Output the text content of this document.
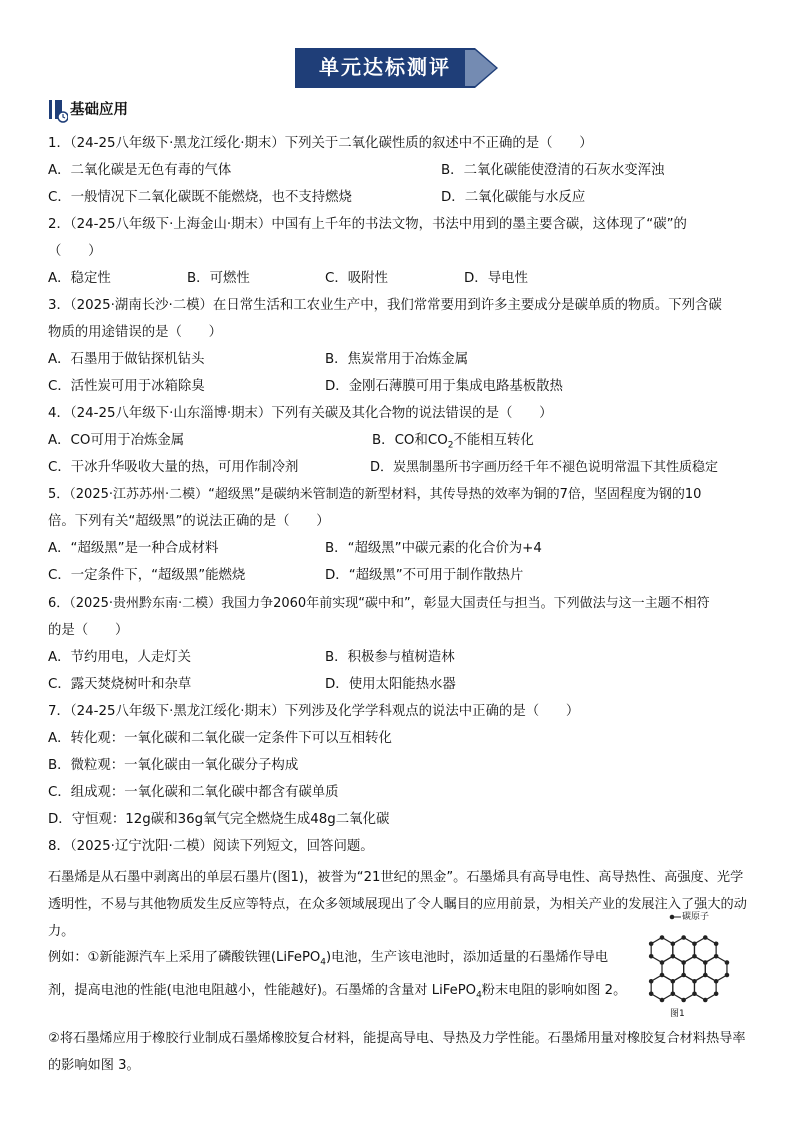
单元达标测评
基础应用
1．（24-25八年级下·黑龙江绥化·期末）下列关于二氧化碳性质的叙述中不正确的是（　　）
A．二氧化碳是无色有毒的气体	B．二氧化碳能使澄清的石灰水变浑浊
C．一般情况下二氧化碳既不能燃烧，也不支持燃烧	D．二氧化碳能与水反应
2．（24-25八年级下·上海金山·期末）中国有上千年的书法文物，书法中用到的墨主要含碳，这体现了“碳”的
（　　）
A．稳定性	B．可燃性	C．吸附性	D．导电性
3．（2025·湖南长沙·二模）在日常生活和工农业生产中，我们常常要用到许多主要成分是碳单质的物质。下列含碳
物质的用途错误的是（　　）
A．石墨用于做钻探机钻头	B．焦炭常用于冶炼金属
C．活性炭可用于冰箱除臭	D．金刚石薄膜可用于集成电路基板散热
4．（24-25八年级下·山东淄博·期末）下列有关碳及其化合物的说法错误的是（　　）
A．CO可用于冶炼金属	B．CO和$CO_2$不能相互转化
C．干冰升华吸收大量的热，可用作制冷剂	D．炭黑制墨所书字画历经千年不褪色说明常温下其性质稳定
5．（2025·江苏苏州·二模）“超级黑”是碳纳米管制造的新型材料，其传导热的效率为铜的7倍，坚固程度为钢的10
倍。下列有关“超级黑”的说法正确的是（　　）
A．“超级黑”是一种合成材料	B．“超级黑”中碳元素的化合价为+4
C．一定条件下，“超级黑”能燃烧	D．“超级黑”不可用于制作散热片
6．（2025·贵州黔东南·二模）我国力争2060年前实现“碳中和”，彰显大国责任与担当。下列做法与这一主题不相符
的是（　　）
A．节约用电，人走灯关	B．积极参与植树造林
C．露天焚烧树叶和杂草	D．使用太阳能热水器
7．（24-25八年级下·黑龙江绥化·期末）下列涉及化学学科观点的说法中正确的是（　　）
A．转化观：一氧化碳和二氧化碳一定条件下可以互相转化
B．微粒观：一氧化碳由一氧化碳分子构成
C．组成观：一氧化碳和二氧化碳中都含有碳单质
D．守恒观：12g碳和36g氧气完全燃烧生成48g二氧化碳
8．（2025·辽宁沈阳·二模）阅读下列短文，回答问题。
石墨烯是从石墨中剥离出的单层石墨片(图1)，被誉为“21世纪的黑金”。石墨烯具有高导电性、高导热性、高强度、光学透明性，不易与其他物质发生反应等特点，在众多领域展现出了令人瞩目的应用前景，为相关产业的发展注入了强大的动力。
例如：①新能源汽车上采用了磷酸铁锂(LiFePO$_4$)电池，生产该电池时，添加适量的石墨烯作导电剂，提高电池的性能(电池电阻越小，性能越好)。石墨烯的含量对 LiFePO$_4$粉末电阻的影响如图 2。
②将石墨烯应用于橡胶行业制成石墨烯橡胶复合材料，能提高导电、导热及力学性能。石墨烯用量对橡胶复合材料热导率的影响如图 3。
碳原子
图1
